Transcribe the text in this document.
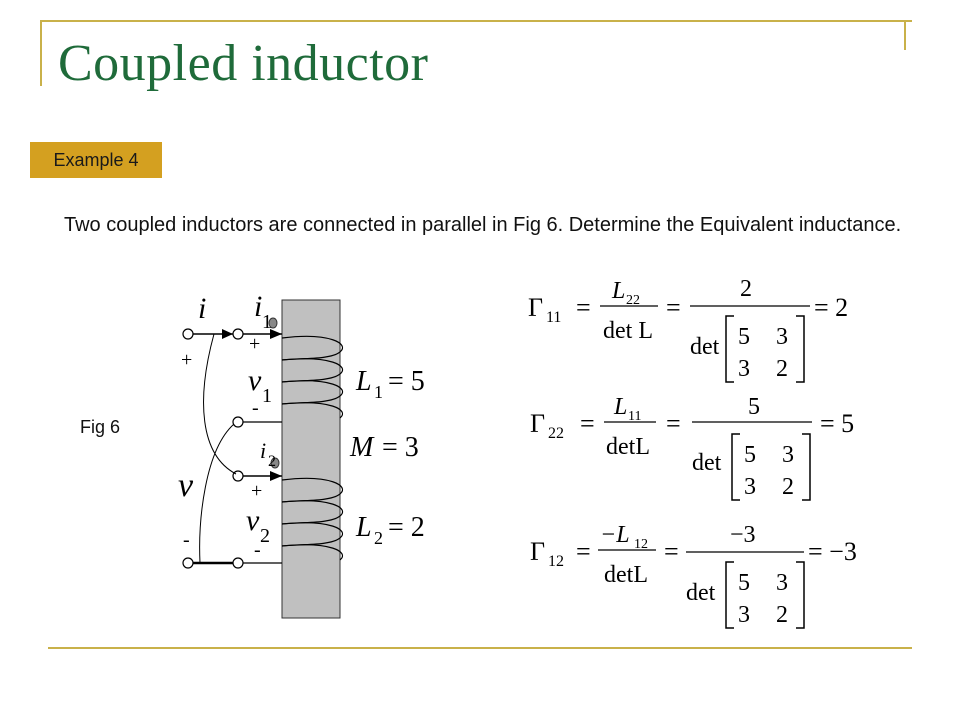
Coupled inductor
Example 4
Two coupled inductors are connected in parallel in Fig 6. Determine the Equivalent inductance.
Fig 6
i i 1
i 2
+
+
-
+
-	-
v
v 1
v 2
L 1 = 5
M = 3
L 2 = 2
Γ 11 =
L 22
det L
=
2
det 5 3
3 2
= 2
Γ 22 =
L 11
detL
=
5
det 5 3
3 2
= 5
Γ 12 =
−L 12
detL
=
−3
det 5 3
3 2
= −3
